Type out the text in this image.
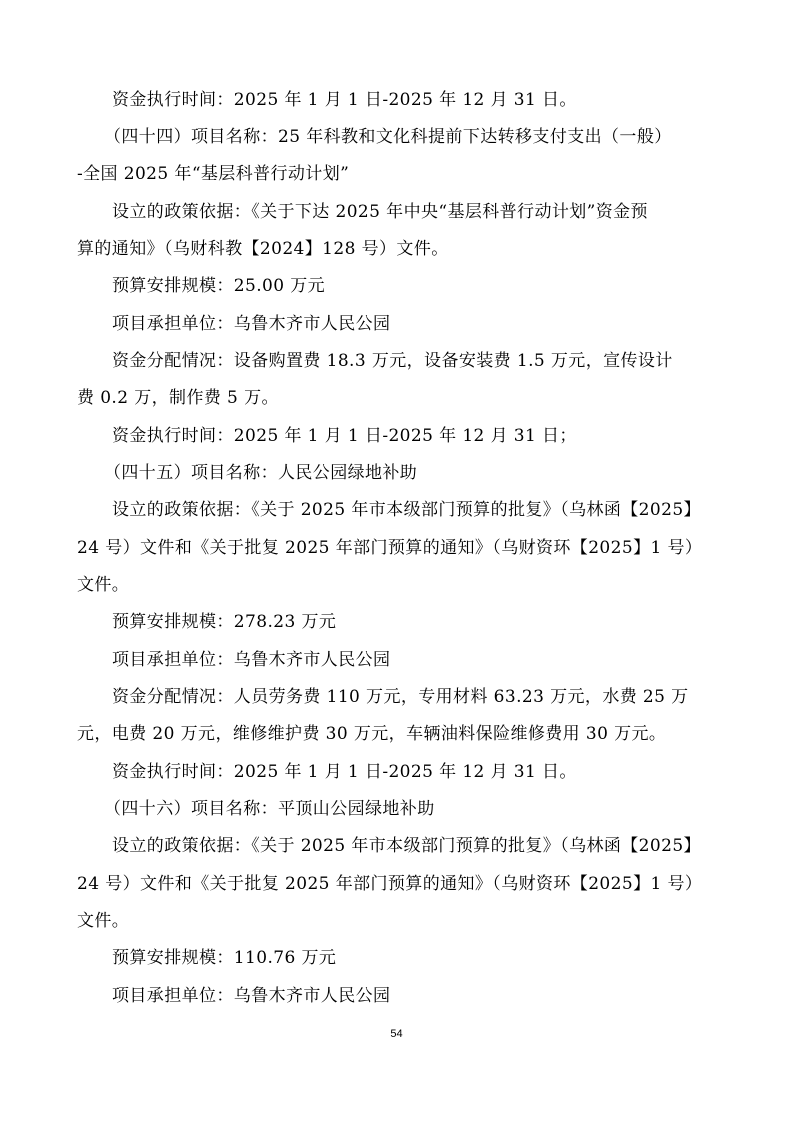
资金执行时间：2025 年 1 月 1 日-2025 年 12 月 31 日。
（四十四）项目名称：25 年科教和文化科提前下达转移支付支出（一般）
-全国 2025 年“基层科普行动计划”
设立的政策依据：《关于下达 2025 年中央“基层科普行动计划”资金预
算的通知》（乌财科教【2024】128 号）文件。
预算安排规模：25.00 万元
项目承担单位：乌鲁木齐市人民公园
资金分配情况：设备购置费 18.3 万元，设备安装费 1.5 万元，宣传设计
费 0.2 万，制作费 5 万。
资金执行时间：2025 年 1 月 1 日-2025 年 12 月 31 日；
（四十五）项目名称：人民公园绿地补助
设立的政策依据：《关于 2025 年市本级部门预算的批复》（乌林函【2025】
24 号）文件和《关于批复 2025 年部门预算的通知》（乌财资环【2025】1 号）
文件。
预算安排规模：278.23 万元
项目承担单位：乌鲁木齐市人民公园
资金分配情况：人员劳务费 110 万元，专用材料 63.23 万元，水费 25 万
元，电费 20 万元，维修维护费 30 万元，车辆油料保险维修费用 30 万元。
资金执行时间：2025 年 1 月 1 日-2025 年 12 月 31 日。
（四十六）项目名称：平顶山公园绿地补助
设立的政策依据：《关于 2025 年市本级部门预算的批复》（乌林函【2025】
24 号）文件和《关于批复 2025 年部门预算的通知》（乌财资环【2025】1 号）
文件。
预算安排规模：110.76 万元
项目承担单位：乌鲁木齐市人民公园
54
